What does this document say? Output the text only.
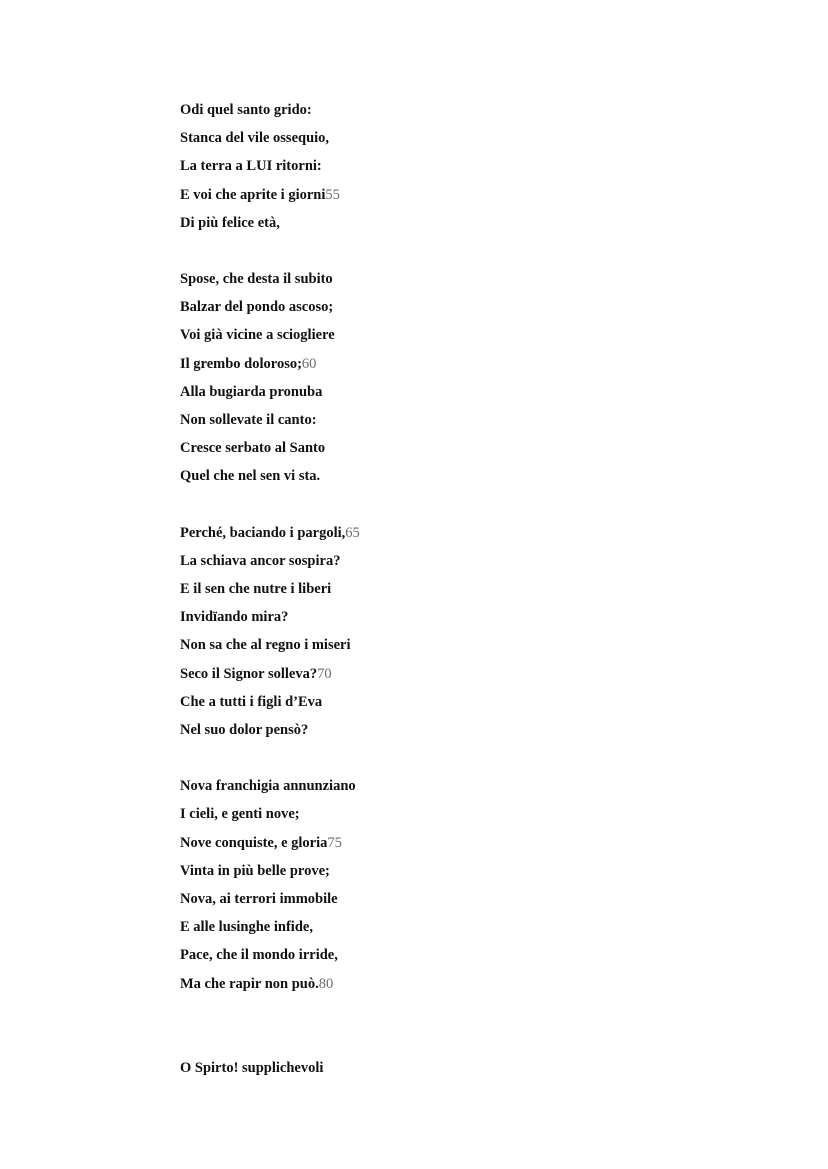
Odi quel santo grido:
Stanca del vile ossequio,
La terra a LUI ritorni:
E voi che aprite i giorni55
Di più felice età,
Spose, che desta il subito
Balzar del pondo ascoso;
Voi già vicine a sciogliere
Il grembo doloroso;60
Alla bugiarda pronuba
Non sollevate il canto:
Cresce serbato al Santo
Quel che nel sen vi sta.
Perché, baciando i pargoli,65
La schiava ancor sospira?
E il sen che nutre i liberi
Invidïando mira?
Non sa che al regno i miseri
Seco il Signor solleva?70
Che a tutti i figli d’Eva
Nel suo dolor pensò?
Nova franchigia annunziano
I cieli, e genti nove;
Nove conquiste, e gloria75
Vinta in più belle prove;
Nova, ai terrori immobile
E alle lusinghe infide,
Pace, che il mondo irride,
Ma che rapir non può.80
O Spirto! supplichevoli
